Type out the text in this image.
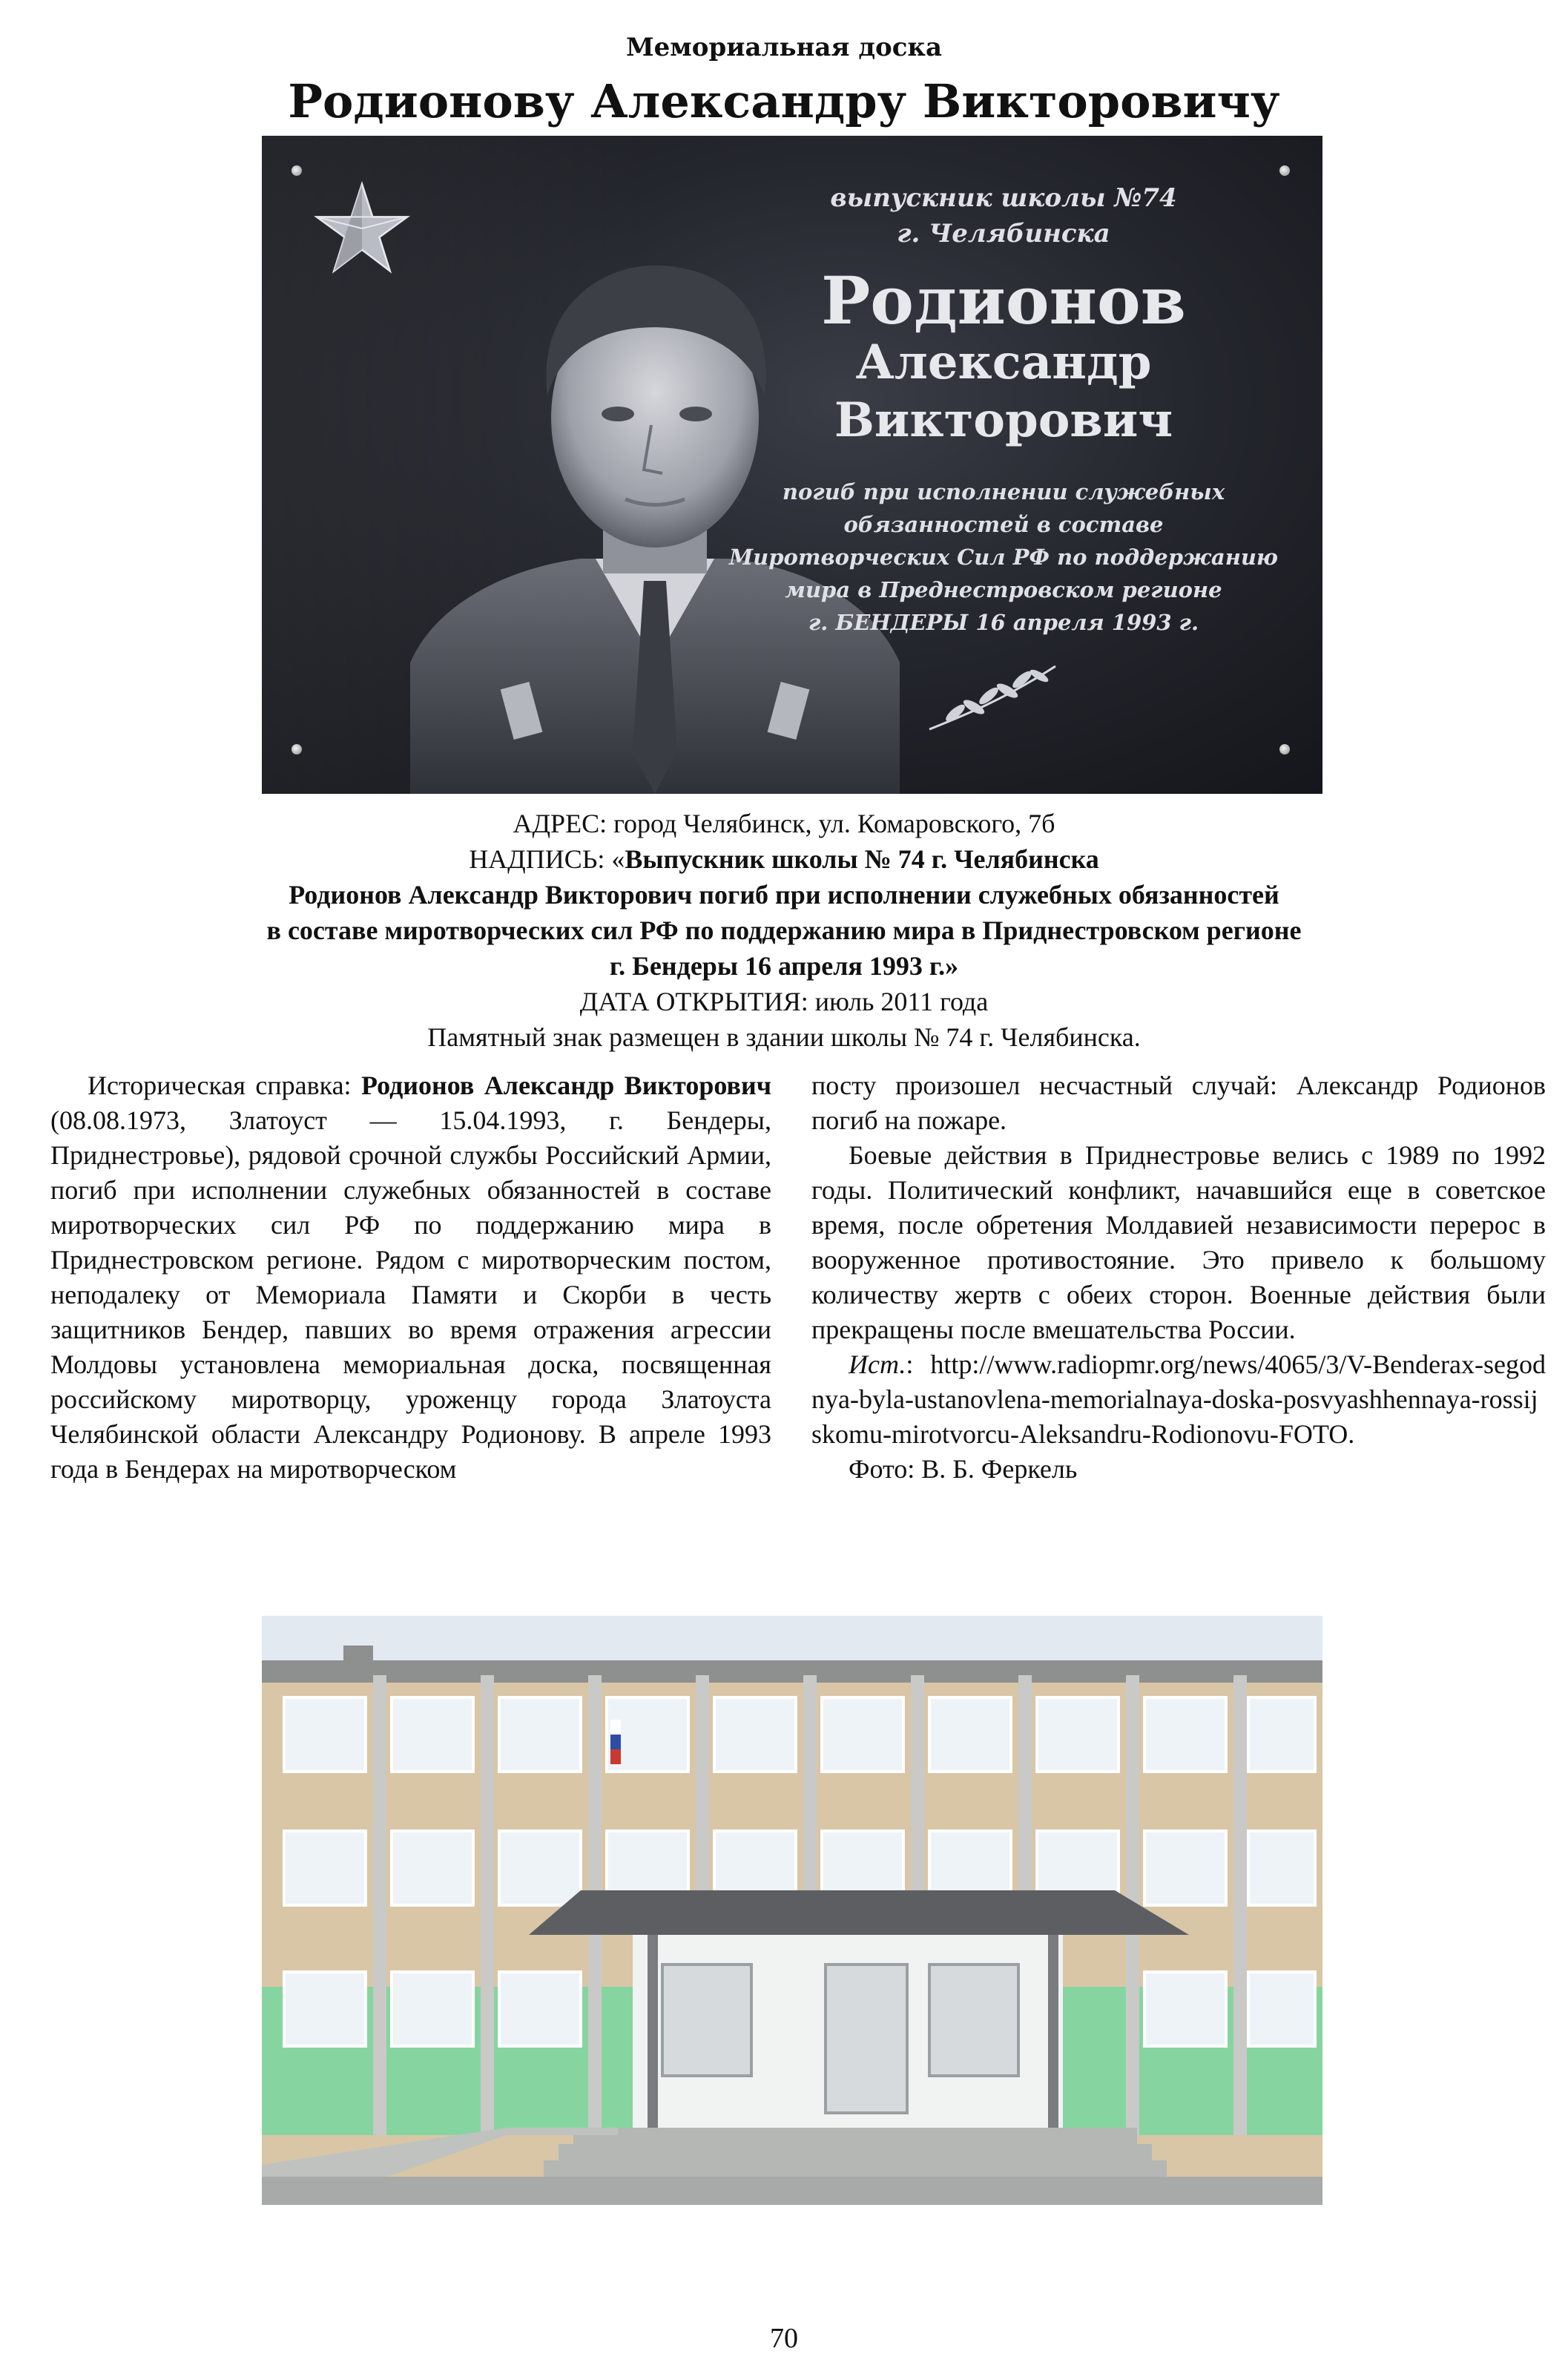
Мемориальная доска
Родионову Александру Викторовичу
выпускник школы №74
г. Челябинска
Родионов
Александр
Викторович
погиб при исполнении служебных
обязанностей в составе
Миротворческих Сил РФ по поддержанию
мира в Преднестровском регионе
г. БЕНДЕРЫ 16 апреля 1993 г.
АДРЕС: город Челябинск, ул. Комаровского, 7б
НАДПИСЬ: «Выпускник школы № 74 г. Челябинска
Родионов Александр Викторович погиб при исполнении служебных обязанностей
в составе миротворческих сил РФ по поддержанию мира в Приднестровском регионе
г. Бендеры 16 апреля 1993 г.»
ДАТА ОТКРЫТИЯ: июль 2011 года
Памятный знак размещен в здании школы № 74 г. Челябинска.

Историческая справка: Родионов Александр Викторович (08.08.1973, Златоуст — 15.04.1993, г. Бендеры, Приднестровье), рядовой срочной службы Российский Армии, погиб при исполнении служебных обязанностей в составе миротворческих сил РФ по поддержанию мира в Приднестровском регионе. Рядом с миротворческим постом, неподалеку от Мемориала Памяти и Скорби в честь защитников Бендер, павших во время отражения агрессии Молдовы установлена мемориальная доска, посвященная российскому миротворцу, уроженцу города Златоуста Челябинской области Александру Родионову. В апреле 1993 года в Бендерах на миротворческом

посту произошел несчастный случай: Александр Родионов погиб на пожаре.

Боевые действия в Приднестровье велись с 1989 по 1992 годы. Политический конфликт, начавшийся еще в советское время, после обретения Молдавией независимости перерос в вооруженное противостояние. Это привело к большому количеству жертв с обеих сторон. Военные действия были прекращены после вмешательства России.

Ист.: http://www.radiopmr.org/news/4065/3/V-Benderax-segodnya-byla-ustanovlena-memorialnaya-doska-posvyashhennaya-rossijskomu-mirotvorcu-Aleksandru-Rodionovu-FOTO.

Фото: В. Б. Феркель

70
